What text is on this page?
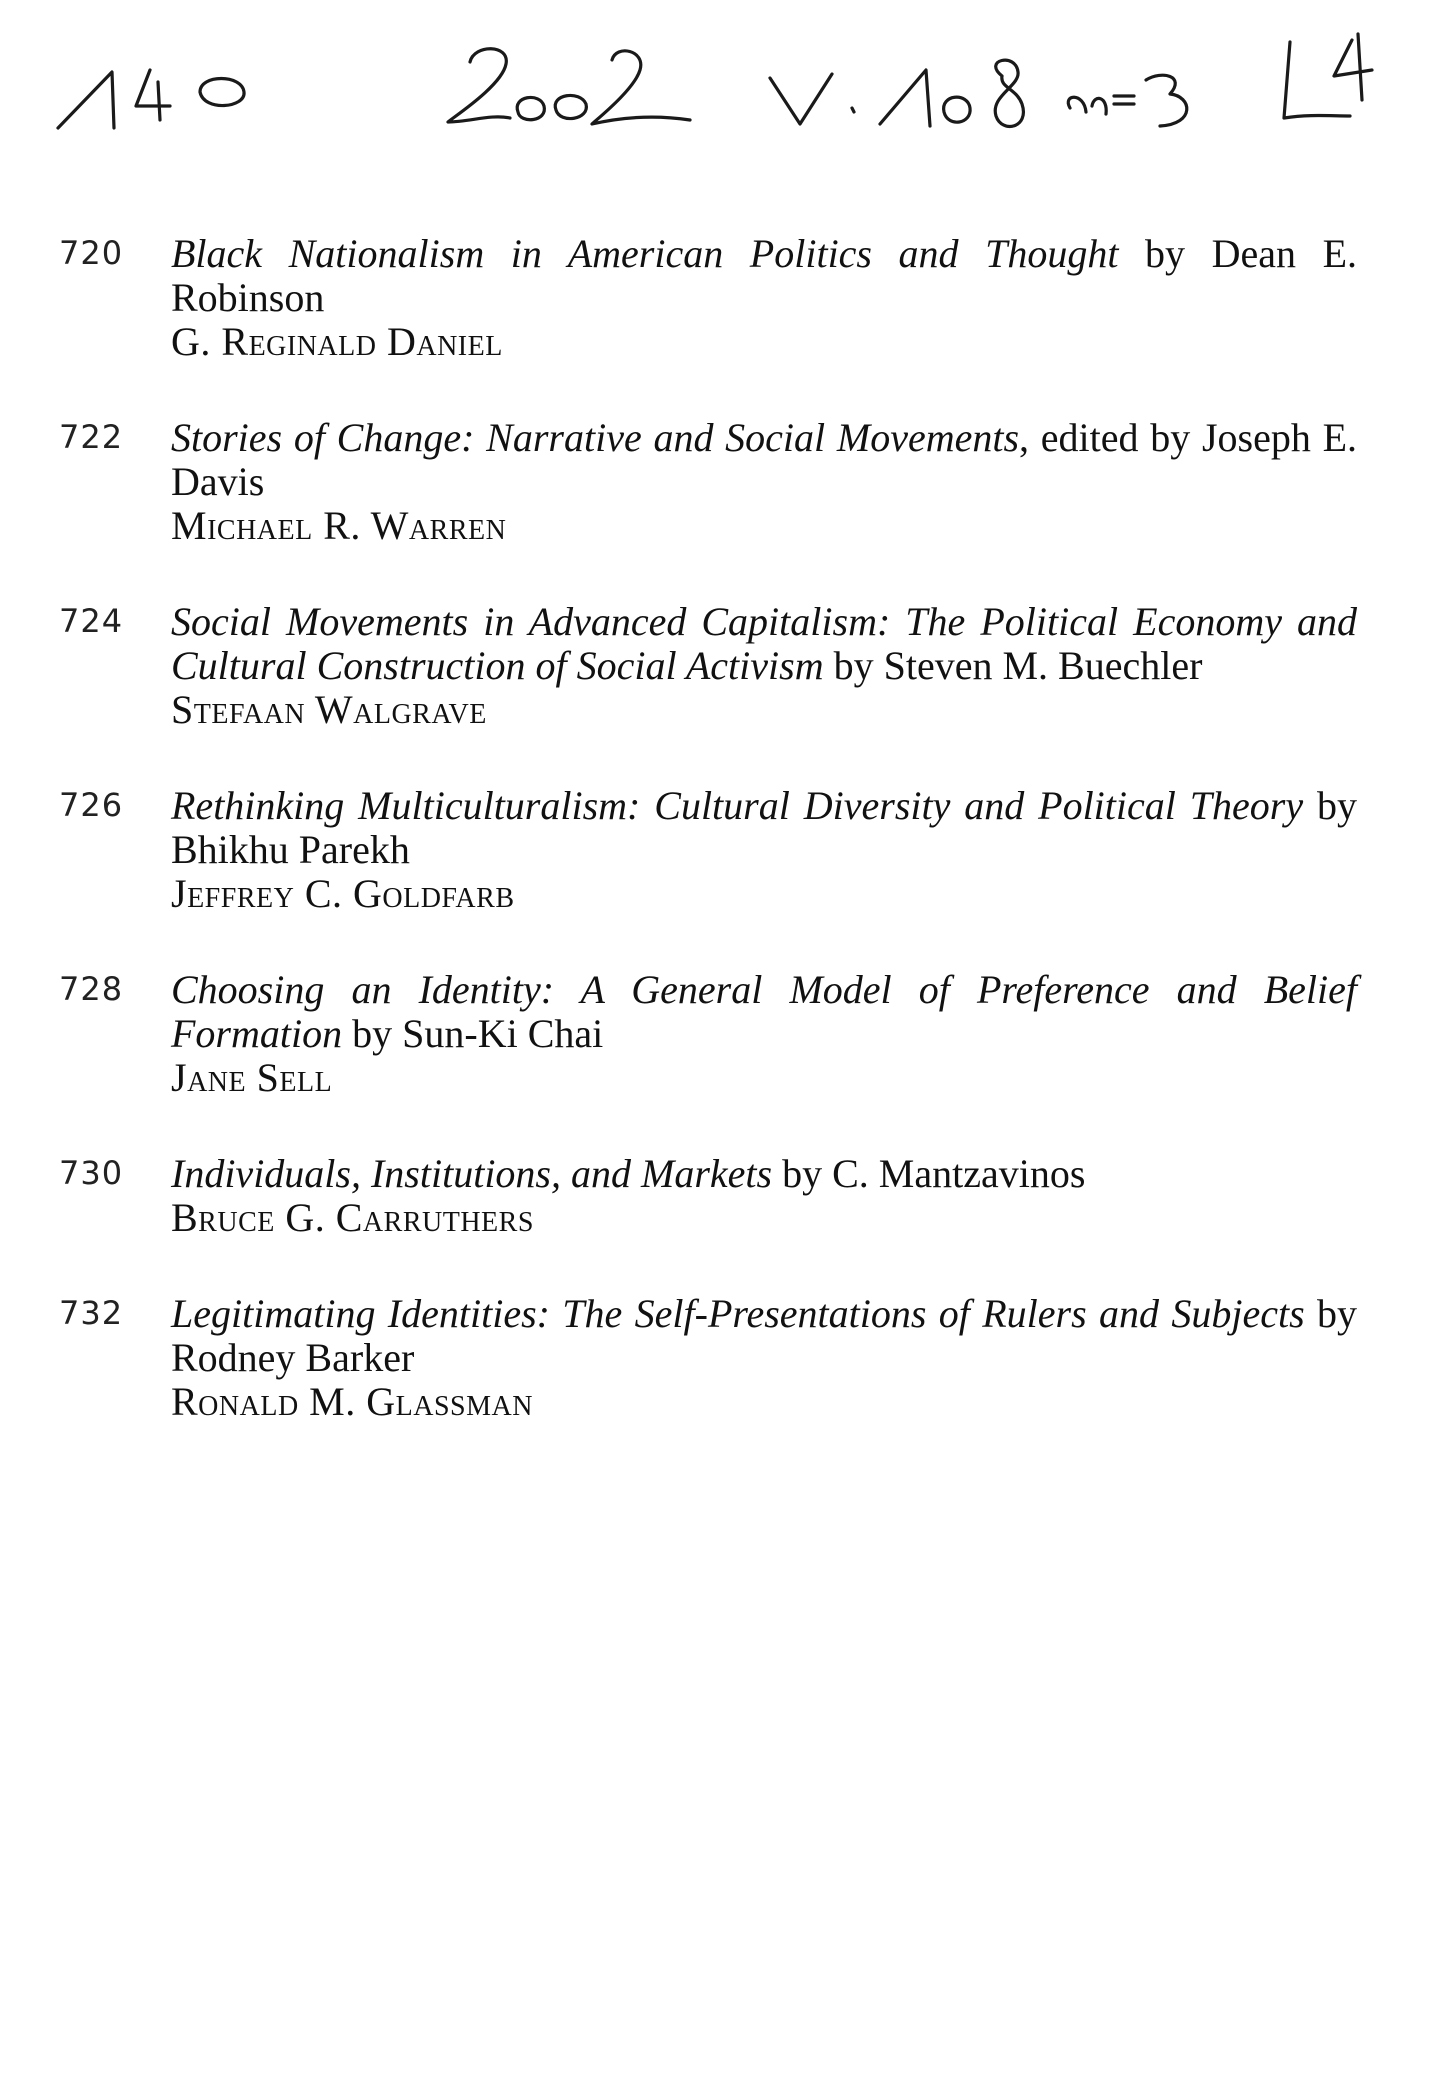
720 Black Nationalism in American Politics and Thought by Dean E. Robinson
G. Reginald Daniel
722 Stories of Change: Narrative and Social Movements, edited by Joseph E. Davis
Michael R. Warren
724 Social Movements in Advanced Capitalism: The Political Economy and Cultural Construction of Social Activism by Steven M. Buechler
Stefaan Walgrave
726 Rethinking Multiculturalism: Cultural Diversity and Political Theory by Bhikhu Parekh
Jeffrey C. Goldfarb
728 Choosing an Identity: A General Model of Preference and Belief Formation by Sun-Ki Chai
Jane Sell
730 Individuals, Institutions, and Markets by C. Mantzavinos
Bruce G. Carruthers
732 Legitimating Identities: The Self-Presentations of Rulers and Subjects by Rodney Barker
Ronald M. Glassman
